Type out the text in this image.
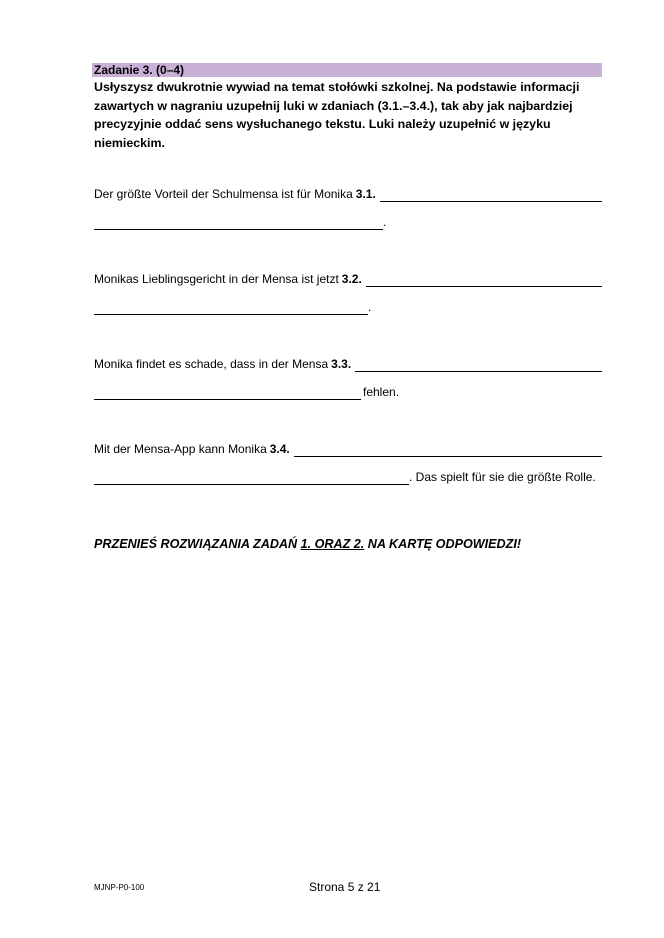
Zadanie 3. (0–4)
Usłyszysz dwukrotnie wywiad na temat stołówki szkolnej. Na podstawie informacji zawartych w nagraniu uzupełnij luki w zdaniach (3.1.–3.4.), tak aby jak najbardziej precyzyjnie oddać sens wysłuchanego tekstu. Luki należy uzupełnić w języku niemieckim.
Der größte Vorteil der Schulmensa ist für Monika 3.1.
.
Monikas Lieblingsgericht in der Mensa ist jetzt 3.2.
.
Monika findet es schade, dass in der Mensa 3.3.
fehlen.
Mit der Mensa-App kann Monika 3.4.
. Das spielt für sie die größte Rolle.
PRZENIEŚ ROZWIĄZANIA ZADAŃ 1. ORAZ 2. NA KARTĘ ODPOWIEDZI!
MJNP-P0-100	Strona 5 z 21
